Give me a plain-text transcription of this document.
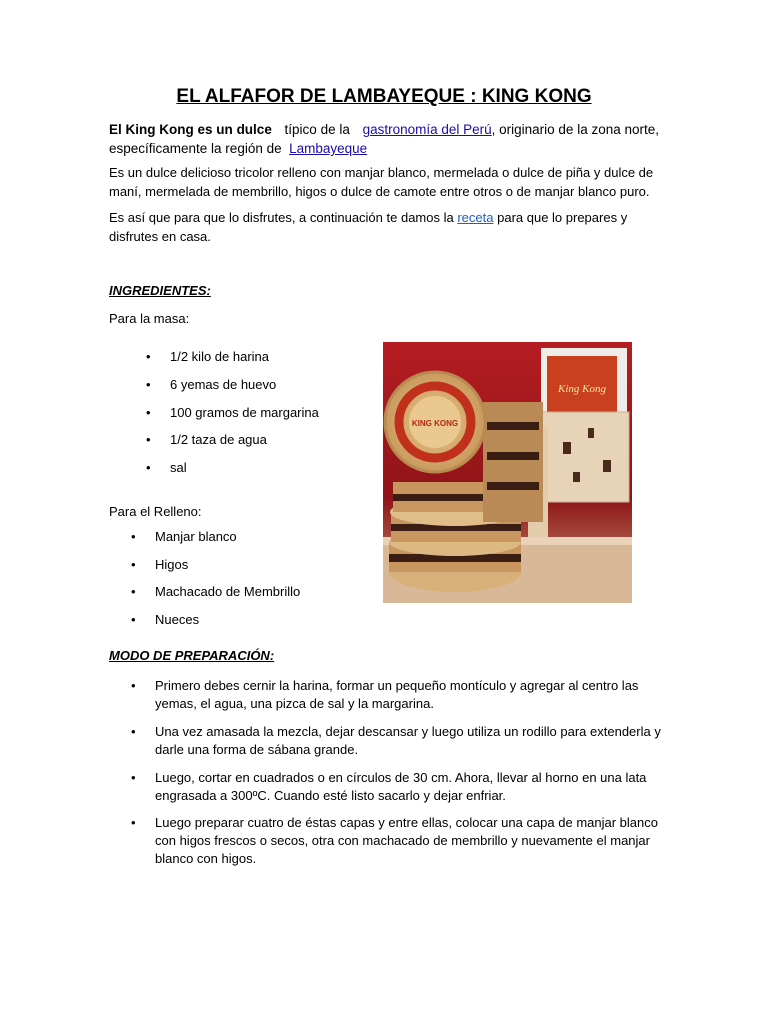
EL ALFAFOR DE LAMBAYEQUE : KING KONG
El King Kong es un dulce típico de la gastronomía del Perú, originario de la zona norte,
específicamente la región de Lambayeque
Es un dulce delicioso tricolor relleno con manjar blanco, mermelada o dulce de piña y dulce de maní, mermelada de membrillo, higos o dulce de camote entre otros o de manjar blanco puro.
Es así que para que lo disfrutes, a continuación te damos la receta para que lo prepares y disfrutes en casa.
INGREDIENTES:
Para la masa:
• 1/2 kilo de harina
• 6 yemas de huevo
• 100 gramos de margarina
• 1/2 taza de agua
• sal
Para el Relleno:
• Manjar blanco
• Higos
• Machacado de Membrillo
• Nueces
King Kong
KING KONG
MODO DE PREPARACIÓN:
• Primero debes cernir la harina, formar un pequeño montículo y agregar al centro las yemas, el agua, una pizca de sal y la margarina.
• Una vez amasada la mezcla, dejar descansar y luego utiliza un rodillo para extenderla y darle una forma de sábana grande.
• Luego, cortar en cuadrados o en círculos de 30 cm. Ahora, llevar al horno en una lata engrasada a 300ºC. Cuando esté listo sacarlo y dejar enfriar.
• Luego preparar cuatro de éstas capas y entre ellas, colocar una capa de manjar blanco con higos frescos o secos, otra con machacado de membrillo y nuevamente el manjar blanco con higos.
